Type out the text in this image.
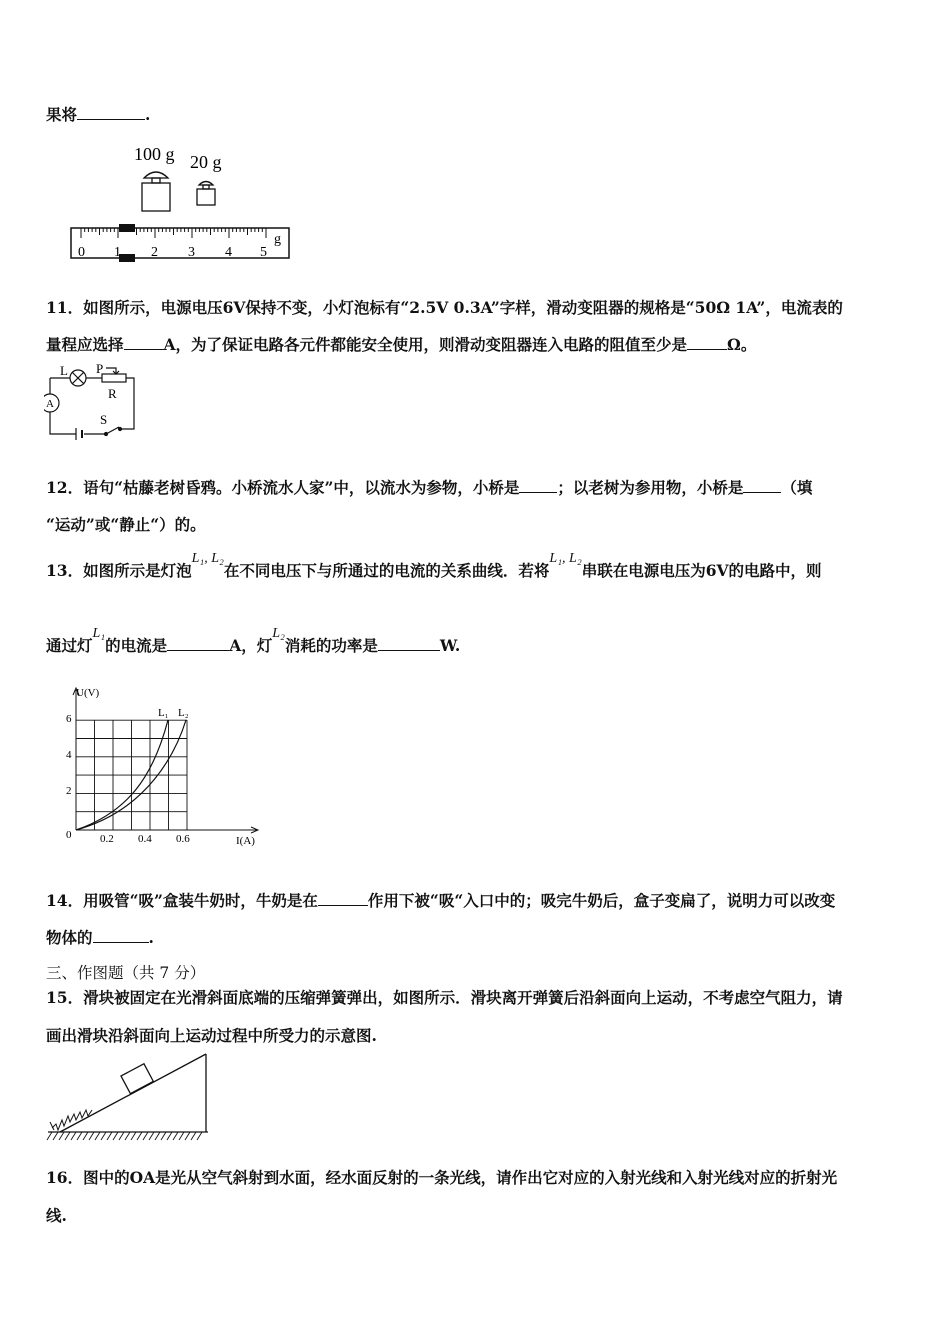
果将	.
100 g 20 g
0 1 2 3 4 5
g
11．如图所示，电源电压6V保持不变，小灯泡标有“2.5V 0.3A”字样，滑动变阻器的规格是“50Ω 1A”，电流表的
量程应选择	A，为了保证电路各元件都能安全使用，则滑动变阻器连入电路的阻值至少是	Ω。
A
L P
R
S
12．语句“枯藤老树昏鸦。小桥流水人家”中，以流水为参物，小桥是 ；以老树为参用物，小桥是 （填
“运动”或“静止“）的。
13．如图所示是灯泡L₁, L₂在不同电压下与所通过的电流的关系曲线．若将L₁, L₂串联在电源电压为6V的电路中，则
通过灯L₁的电流是	A，灯L₂消耗的功率是	W.
U(V)
I(A)
6
4
2
0	0.2 0.4 0.6
L₁ L₂
14．用吸管“吸”盒装牛奶时，牛奶是在	作用下被“吸“入口中的；吸完牛奶后，盒子变扁了，说明力可以改变
物体的	.
三、作图题（共 7 分）
15．滑块被固定在光滑斜面底端的压缩弹簧弹出，如图所示．滑块离开弹簧后沿斜面向上运动，不考虑空气阻力，请
画出滑块沿斜面向上运动过程中所受力的示意图.
16．图中的OA是光从空气斜射到水面，经水面反射的一条光线，请作出它对应的入射光线和入射光线对应的折射光
线.
